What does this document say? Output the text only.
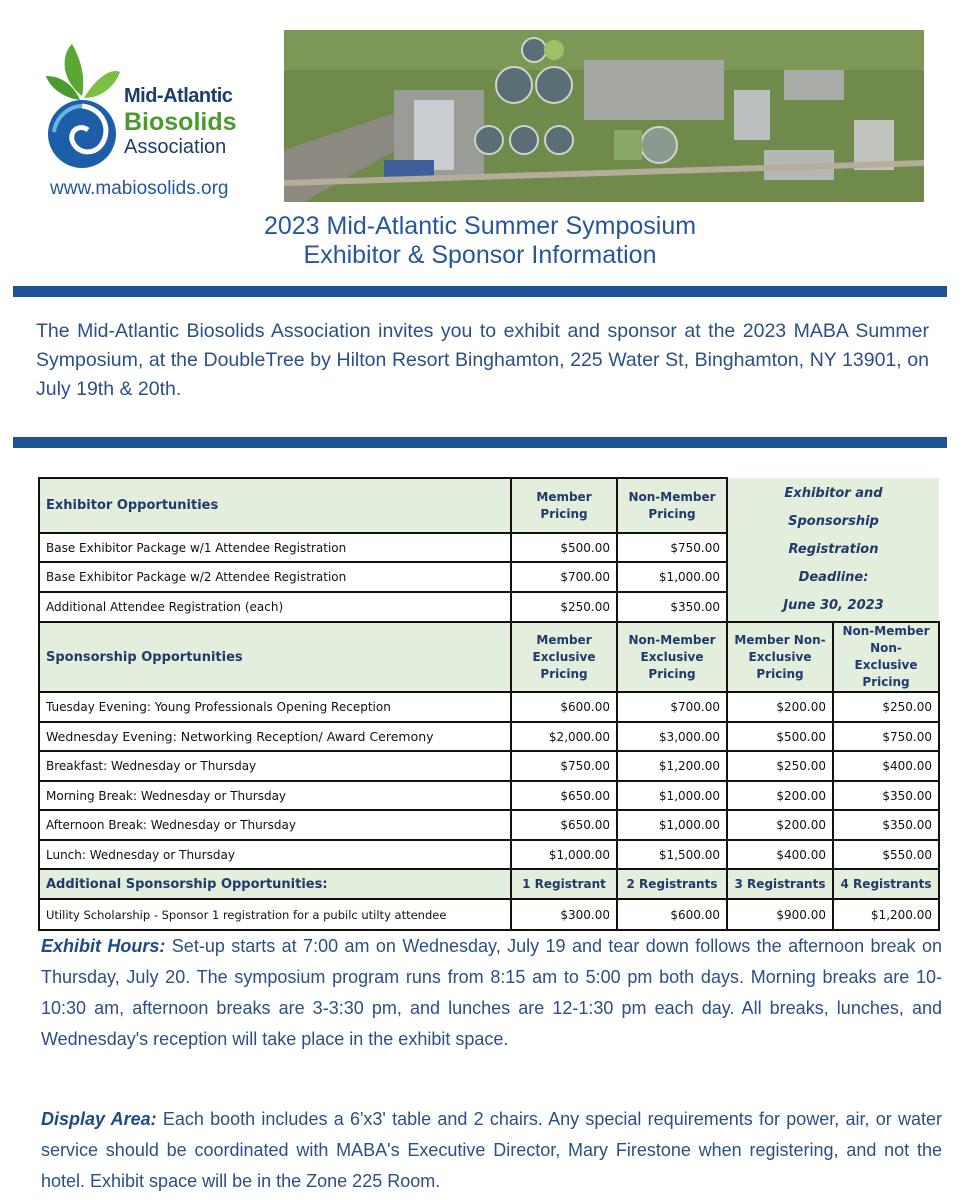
Mid-Atlantic
Biosolids
Association
www.mabiosolids.org
2023 Mid-Atlantic Summer Symposium
Exhibitor & Sponsor Information
The Mid-Atlantic Biosolids Association invites you to exhibit and sponsor at the 2023 MABA Summer Symposium, at the DoubleTree by Hilton Resort Binghamton, 225 Water St, Binghamton, NY 13901, on July 19th & 20th.
Exhibitor Opportunities	Member Pricing	Non-Member Pricing	Exhibitor and
Sponsorship
Registration
Deadline:
June 30, 2023	

Base Exhibitor Package w/1 Attendee Registration	$500.00	$750.00		
Base Exhibitor Package w/2 Attendee Registration	$700.00	$1,000.00		
Additional Attendee Registration (each)	$250.00	$350.00		
Sponsorship Opportunities	Member Exclusive Pricing	Non-Member Exclusive Pricing	Member Non-Exclusive Pricing	Non-Member Non-Exclusive Pricing
Tuesday Evening: Young Professionals Opening Reception	$600.00	$700.00	$200.00	$250.00
Wednesday Evening: Networking Reception/ Award Ceremony	$2,000.00	$3,000.00	$500.00	$750.00
Breakfast: Wednesday or Thursday	$750.00	$1,200.00	$250.00	$400.00
Morning Break: Wednesday or Thursday	$650.00	$1,000.00	$200.00	$350.00
Afternoon Break: Wednesday or Thursday	$650.00	$1,000.00	$200.00	$350.00
Lunch: Wednesday or Thursday	$1,000.00	$1,500.00	$400.00	$550.00
Additional Sponsorship Opportunities:	1 Registrant	2 Registrants	3 Registrants	4 Registrants
Utility Scholarship - Sponsor 1 registration for a pubilc utilty attendee	$300.00	$600.00	$900.00	$1,200.00
Exhibit Hours: Set-up starts at 7:00 am on Wednesday, July 19 and tear down follows the afternoon break on Thursday, July 20. The symposium program runs from 8:15 am to 5:00 pm both days. Morning breaks are 10-10:30 am, afternoon breaks are 3-3:30 pm, and lunches are 12-1:30 pm each day. All breaks, lunches, and Wednesday's reception will take place in the exhibit space.
Display Area: Each booth includes a 6'x3' table and 2 chairs. Any special requirements for power, air, or water service should be coordinated with MABA's Executive Director, Mary Firestone when registering, and not the hotel. Exhibit space will be in the Zone 225 Room.
